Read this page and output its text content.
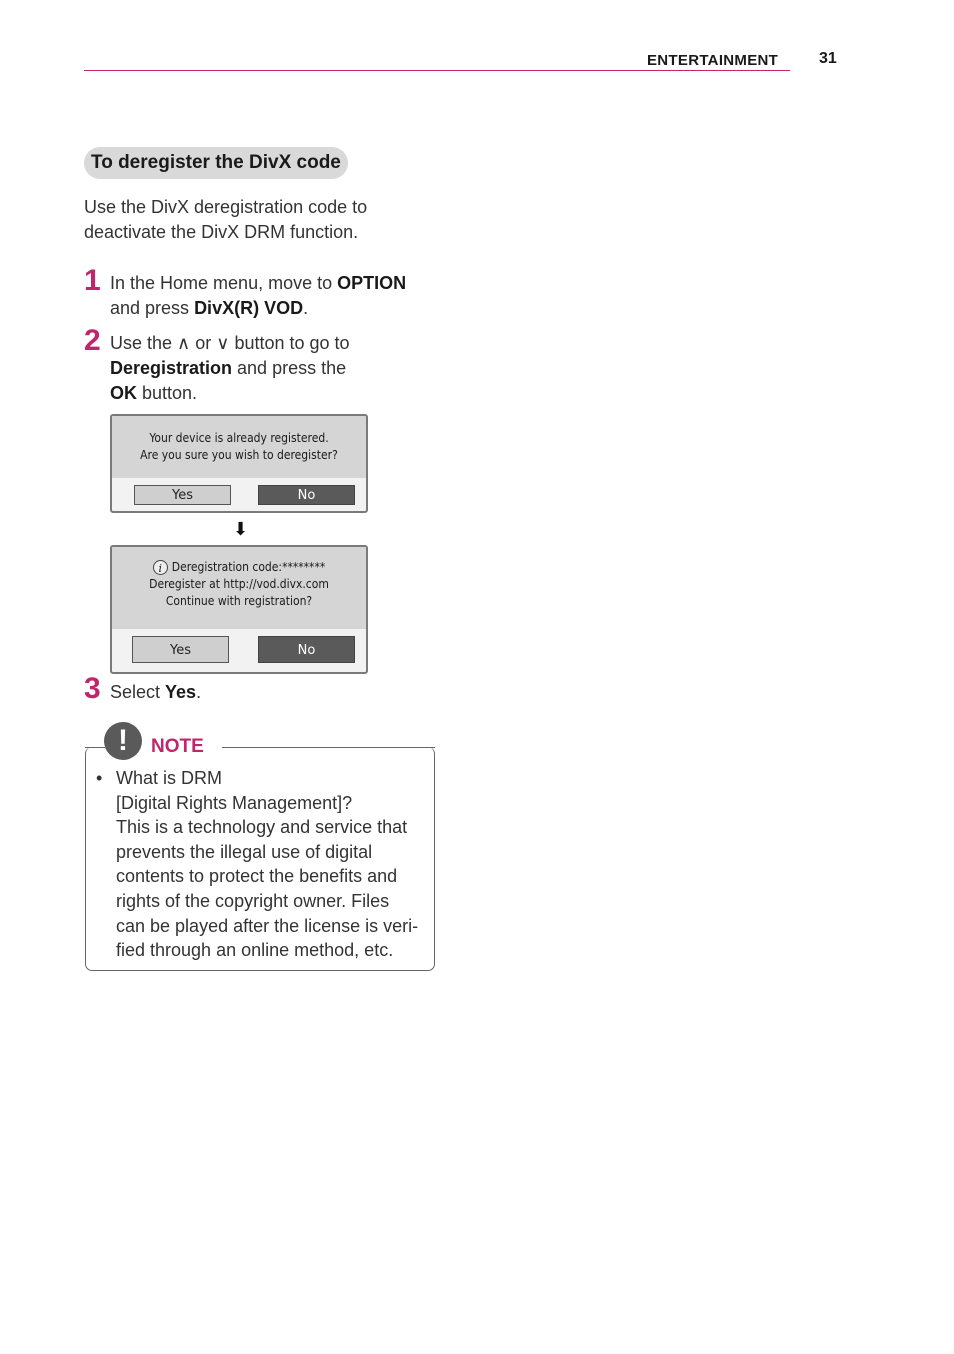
ENTERTAINMENT	31
To deregister the DivX code
Use the DivX deregistration code to deactivate the DivX DRM function.
1 In the Home menu, move to OPTION
and press DivX(R) VOD.
2 Use the ∧ or ∨ button to go to
Deregistration and press the
OK button.
Your device is already registered.
Are you sure you wish to deregister?
Yes	No
⬇
i Deregistration code:********
Deregister at http://vod.divx.com
Continue with registration?
Yes	No
3 Select Yes.
!	NOTE
• What is DRM
[Digital Rights Management]?
This is a technology and service that
prevents the illegal use of digital
contents to protect the benefits and
rights of the copyright owner. Files
can be played after the license is veri-
fied through an online method, etc.
